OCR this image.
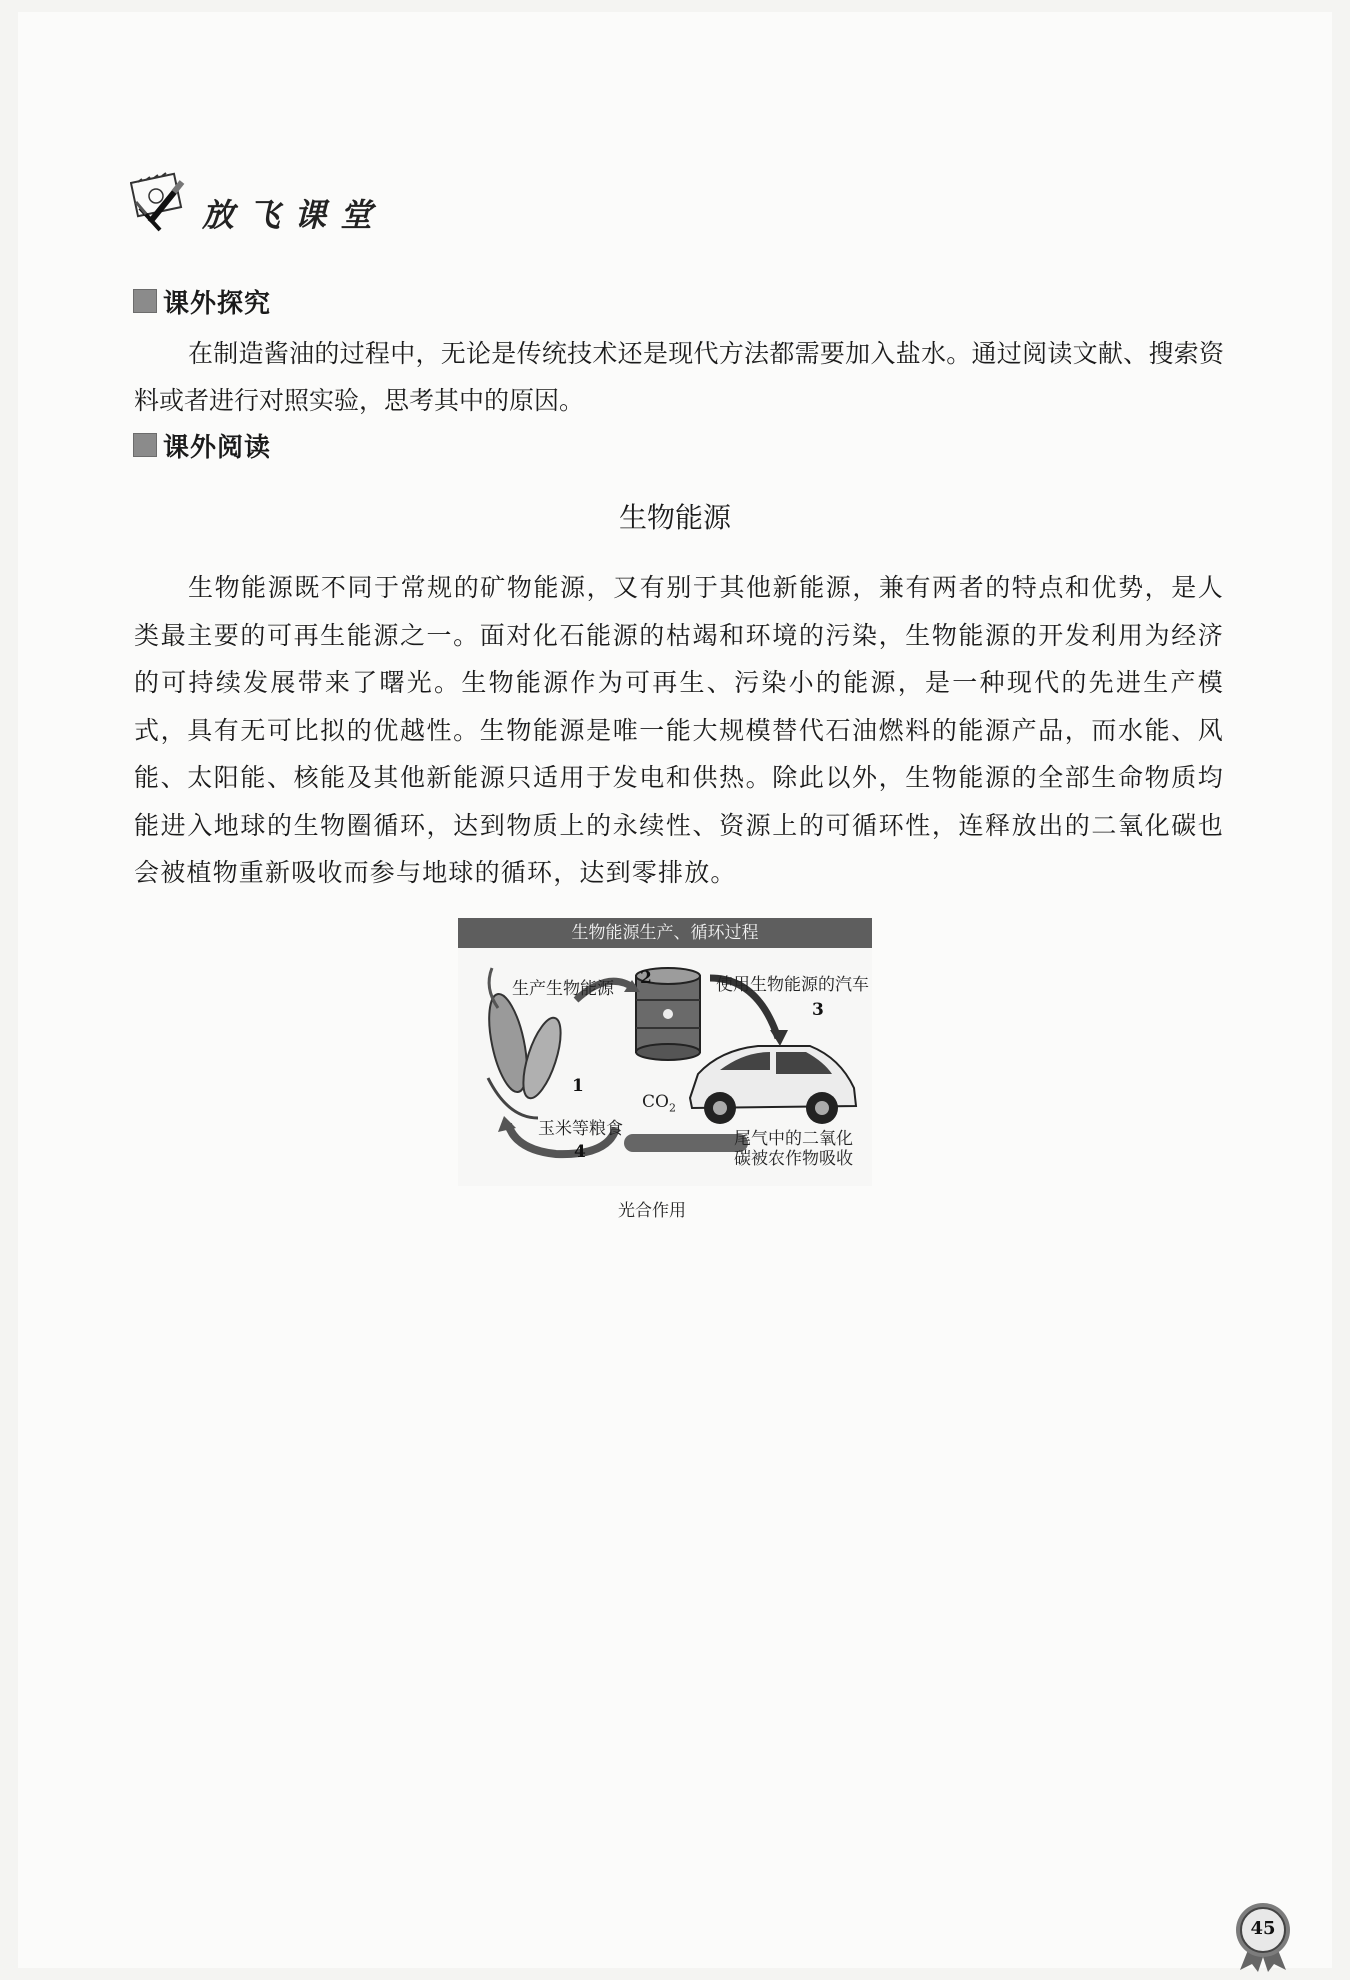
放飞课堂
课外探究
在制造酱油的过程中，无论是传统技术还是现代方法都需要加入盐水。通过阅读文献、搜索资料或者进行对照实验，思考其中的原因。
课外阅读
生物能源
生物能源既不同于常规的矿物能源，又有别于其他新能源，兼有两者的特点和优势，是人类最主要的可再生能源之一。面对化石能源的枯竭和环境的污染，生物能源的开发利用为经济的可持续发展带来了曙光。生物能源作为可再生、污染小的能源，是一种现代的先进生产模式，具有无可比拟的优越性。生物能源是唯一能大规模替代石油燃料的能源产品，而水能、风能、太阳能、核能及其他新能源只适用于发电和供热。除此以外，生物能源的全部生命物质均能进入地球的生物圈循环，达到物质上的永续性、资源上的可循环性，连释放出的二氧化碳也会被植物重新吸收而参与地球的循环，达到零排放。
生物能源生产、循环过程
生产生物能源
2	使用生物能源的汽车
3
1
$CO_2$
玉米等粮食	尾气中的二氧化
碳被农作物吸收
4
光合作用
45
